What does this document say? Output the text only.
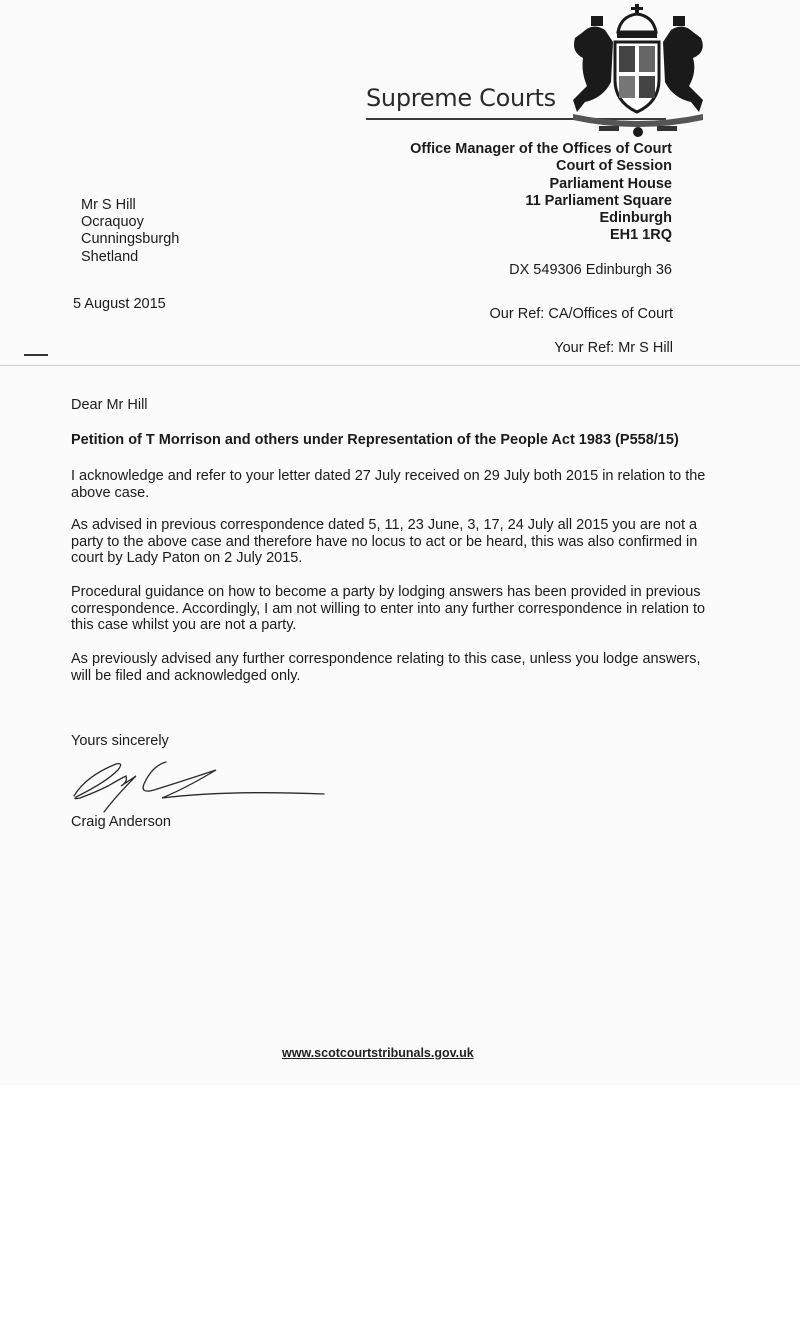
Supreme Courts
Office Manager of the Offices of Court
Court of Session
Parliament House
11 Parliament Square
Edinburgh
EH1 1RQ
DX 549306 Edinburgh 36
Our Ref: CA/Offices of Court
Your Ref: Mr S Hill
Mr S Hill
Ocraquoy
Cunningsburgh
Shetland
5 August 2015
Dear Mr Hill
Petition of T Morrison and others under Representation of the People Act 1983 (P558/15)
I acknowledge and refer to your letter dated 27 July received on 29 July both 2015 in relation to the above case.
As advised in previous correspondence dated 5, 11, 23 June, 3, 17, 24 July all 2015 you are not a party to the above case and therefore have no locus to act or be heard, this was also confirmed in court by Lady Paton on 2 July 2015.
Procedural guidance on how to become a party by lodging answers has been provided in previous correspondence. Accordingly, I am not willing to enter into any further correspondence in relation to this case whilst you are not a party.
As previously advised any further correspondence relating to this case, unless you lodge answers, will be filed and acknowledged only.
Yours sincerely
Craig Anderson
www.scotcourtstribunals.gov.uk
